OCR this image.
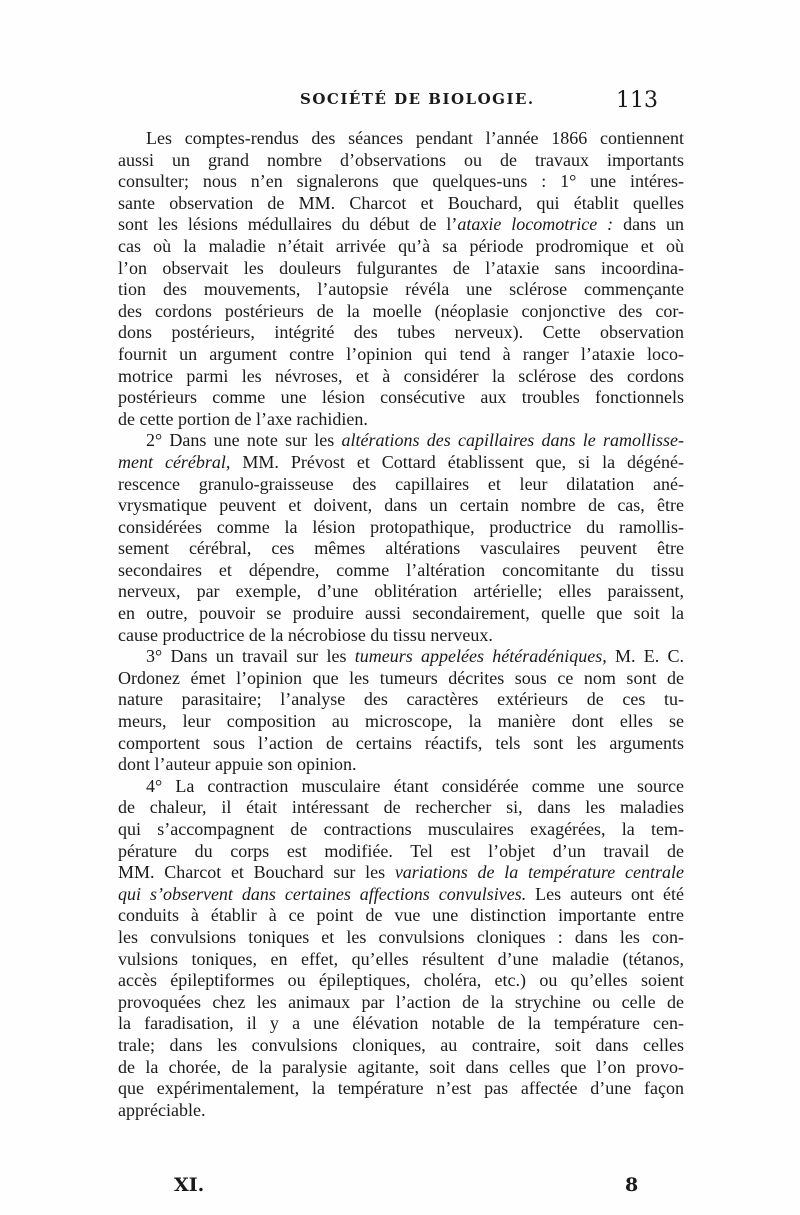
SOCIÉTÉ DE BIOLOGIE.	113
Les comptes-rendus des séances pendant l’année 1866 contiennent
aussi un grand nombre d’observations ou de travaux importants
consulter; nous n’en signalerons que quelques-uns : 1° une intéres-
sante observation de MM. Charcot et Bouchard, qui établit quelles
sont les lésions médullaires du début de l’ataxie locomotrice : dans un
cas où la maladie n’était arrivée qu’à sa période prodromique et où
l’on observait les douleurs fulgurantes de l’ataxie sans incoordina-
tion des mouvements, l’autopsie révéla une sclérose commençante
des cordons postérieurs de la moelle (néoplasie conjonctive des cor-
dons postérieurs, intégrité des tubes nerveux). Cette observation
fournit un argument contre l’opinion qui tend à ranger l’ataxie loco-
motrice parmi les névroses, et à considérer la sclérose des cordons
postérieurs comme une lésion consécutive aux troubles fonctionnels
de cette portion de l’axe rachidien.
2° Dans une note sur les altérations des capillaires dans le ramollisse-
ment cérébral, MM. Prévost et Cottard établissent que, si la dégéné-
rescence granulo-graisseuse des capillaires et leur dilatation ané-
vrysmatique peuvent et doivent, dans un certain nombre de cas, être
considérées comme la lésion protopathique, productrice du ramollis-
sement cérébral, ces mêmes altérations vasculaires peuvent être
secondaires et dépendre, comme l’altération concomitante du tissu
nerveux, par exemple, d’une oblitération artérielle; elles paraissent,
en outre, pouvoir se produire aussi secondairement, quelle que soit la
cause productrice de la nécrobiose du tissu nerveux.
3° Dans un travail sur les tumeurs appelées hétéradéniques, M. E. C.
Ordonez émet l’opinion que les tumeurs décrites sous ce nom sont de
nature parasitaire; l’analyse des caractères extérieurs de ces tu-
meurs, leur composition au microscope, la manière dont elles se
comportent sous l’action de certains réactifs, tels sont les arguments
dont l’auteur appuie son opinion.
4° La contraction musculaire étant considérée comme une source
de chaleur, il était intéressant de rechercher si, dans les maladies
qui s’accompagnent de contractions musculaires exagérées, la tem-
pérature du corps est modifiée. Tel est l’objet d’un travail de
MM. Charcot et Bouchard sur les variations de la température centrale
qui s’observent dans certaines affections convulsives. Les auteurs ont été
conduits à établir à ce point de vue une distinction importante entre
les convulsions toniques et les convulsions cloniques : dans les con-
vulsions toniques, en effet, qu’elles résultent d’une maladie (tétanos,
accès épileptiformes ou épileptiques, choléra, etc.) ou qu’elles soient
provoquées chez les animaux par l’action de la strychine ou celle de
la faradisation, il y a une élévation notable de la température cen-
trale; dans les convulsions cloniques, au contraire, soit dans celles
de la chorée, de la paralysie agitante, soit dans celles que l’on provo-
que expérimentalement, la température n’est pas affectée d’une façon
appréciable.
XI.	8
